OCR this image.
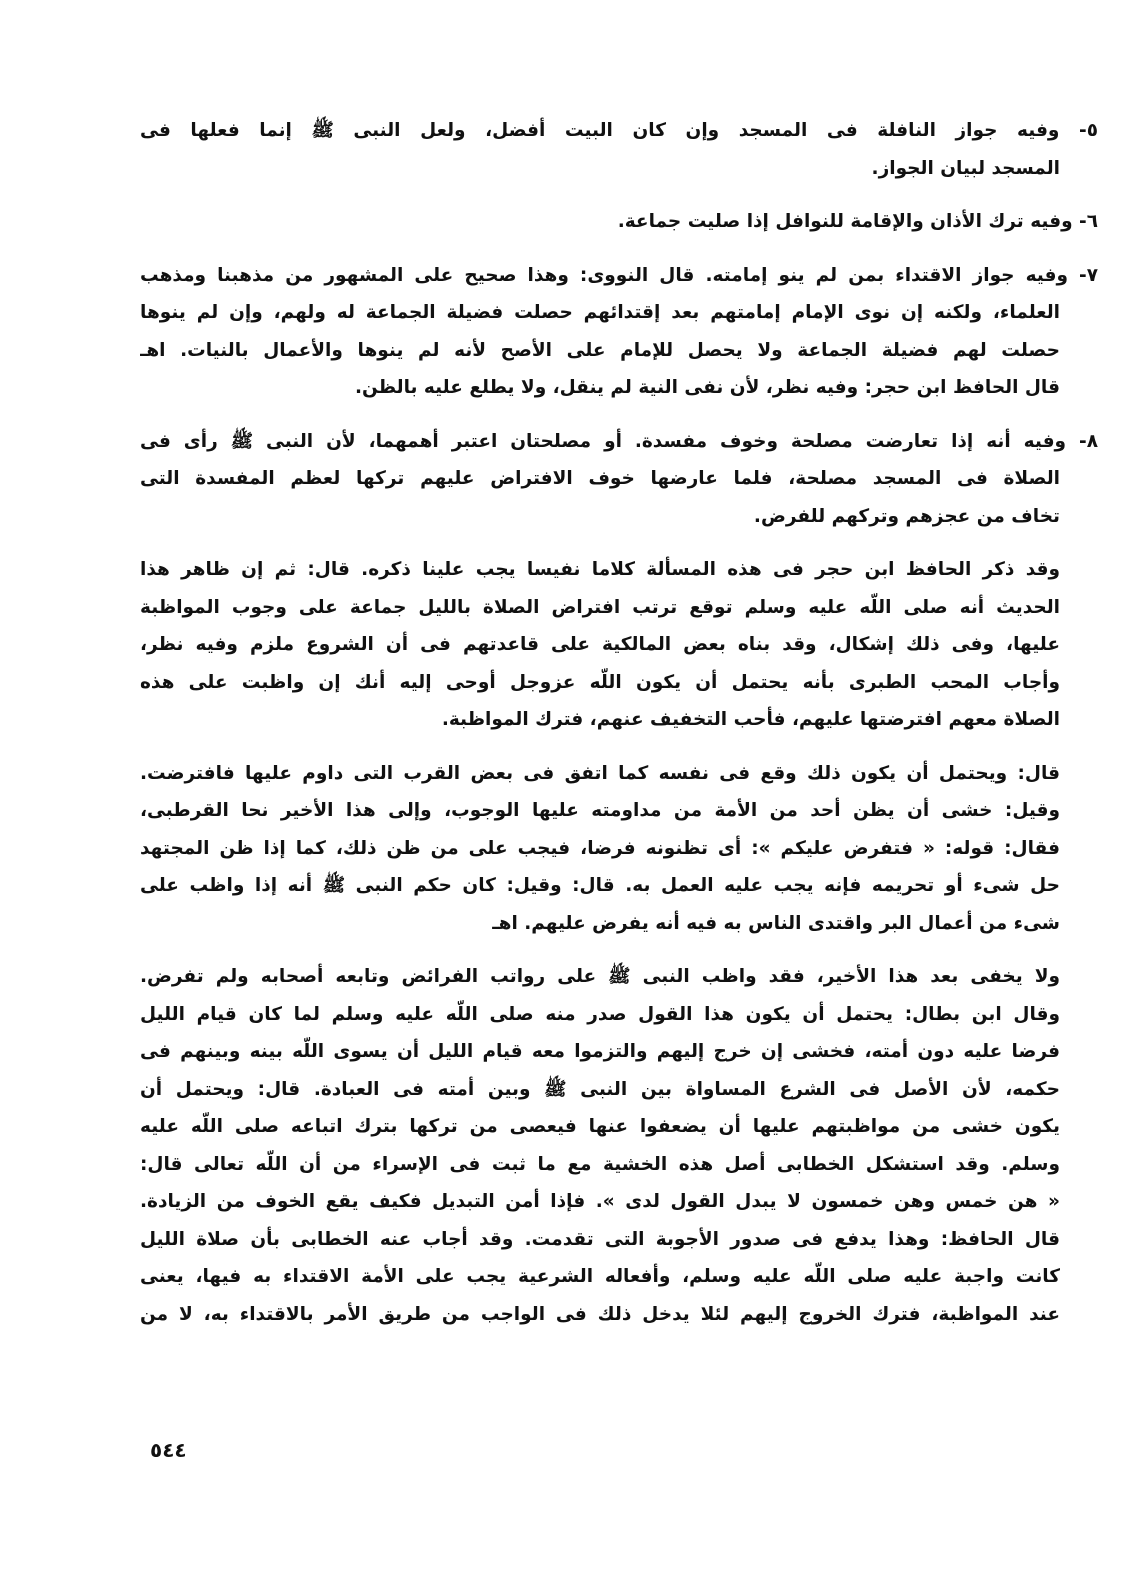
٥- وفيه جواز النافلة فى المسجد وإن كان البيت أفضل، ولعل النبى ﷺ إنما فعلها فى
المسجد لبيان الجواز.
٦- وفيه ترك الأذان والإقامة للنوافل إذا صليت جماعة.
٧- وفيه جواز الاقتداء بمن لم ينو إمامته. قال النووى: وهذا صحيح على المشهور من مذهبنا ومذهب
العلماء، ولكنه إن نوى الإمام إمامتهم بعد إقتدائهم حصلت فضيلة الجماعة له ولهم، وإن لم ينوها
حصلت لهم فضيلة الجماعة ولا يحصل للإمام على الأصح لأنه لم ينوها والأعمال بالنيات. اهـ
قال الحافظ ابن حجر: وفيه نظر، لأن نفى النية لم ينقل، ولا يطلع عليه بالظن.
٨- وفيه أنه إذا تعارضت مصلحة وخوف مفسدة. أو مصلحتان اعتبر أهمهما، لأن النبى ﷺ رأى فى
الصلاة فى المسجد مصلحة، فلما عارضها خوف الافتراض عليهم تركها لعظم المفسدة التى
تخاف من عجزهم وتركهم للفرض.
وقد ذكر الحافظ ابن حجر فى هذه المسألة كلاما نفيسا يجب علينا ذكره. قال: ثم إن ظاهر هذا
الحديث أنه صلى اللّه عليه وسلم توقع ترتب افتراض الصلاة بالليل جماعة على وجوب المواظبة
عليها، وفى ذلك إشكال، وقد بناه بعض المالكية على قاعدتهم فى أن الشروع ملزم وفيه نظر،
وأجاب المحب الطبرى بأنه يحتمل أن يكون اللّه عزوجل أوحى إليه أنك إن واظبت على هذه
الصلاة معهم افترضتها عليهم، فأحب التخفيف عنهم، فترك المواظبة.
قال: ويحتمل أن يكون ذلك وقع فى نفسه كما اتفق فى بعض القرب التى داوم عليها فافترضت.
وقيل: خشى أن يظن أحد من الأمة من مداومته عليها الوجوب، وإلى هذا الأخير نحا القرطبى،
فقال: قوله: « فتفرض عليكم »: أى تظنونه فرضا، فيجب على من ظن ذلك، كما إذا ظن المجتهد
حل شىء أو تحريمه فإنه يجب عليه العمل به. قال: وقيل: كان حكم النبى ﷺ أنه إذا واظب على
شىء من أعمال البر واقتدى الناس به فيه أنه يفرض عليهم. اهـ
ولا يخفى بعد هذا الأخير، فقد واظب النبى ﷺ على رواتب الفرائض وتابعه أصحابه ولم تفرض.
وقال ابن بطال: يحتمل أن يكون هذا القول صدر منه صلى اللّه عليه وسلم لما كان قيام الليل
فرضا عليه دون أمته، فخشى إن خرج إليهم والتزموا معه قيام الليل أن يسوى اللّه بينه وبينهم فى
حكمه، لأن الأصل فى الشرع المساواة بين النبى ﷺ وبين أمته فى العبادة. قال: ويحتمل أن
يكون خشى من مواظبتهم عليها أن يضعفوا عنها فيعصى من تركها بترك اتباعه صلى اللّه عليه
وسلم. وقد استشكل الخطابى أصل هذه الخشية مع ما ثبت فى الإسراء من أن اللّه تعالى قال:
« هن خمس وهن خمسون لا يبدل القول لدى ». فإذا أمن التبديل فكيف يقع الخوف من الزيادة.
قال الحافظ: وهذا يدفع فى صدور الأجوبة التى تقدمت. وقد أجاب عنه الخطابى بأن صلاة الليل
كانت واجبة عليه صلى اللّه عليه وسلم، وأفعاله الشرعية يجب على الأمة الاقتداء به فيها، يعنى
عند المواظبة، فترك الخروج إليهم لئلا يدخل ذلك فى الواجب من طريق الأمر بالاقتداء به، لا من
٥٤٤
